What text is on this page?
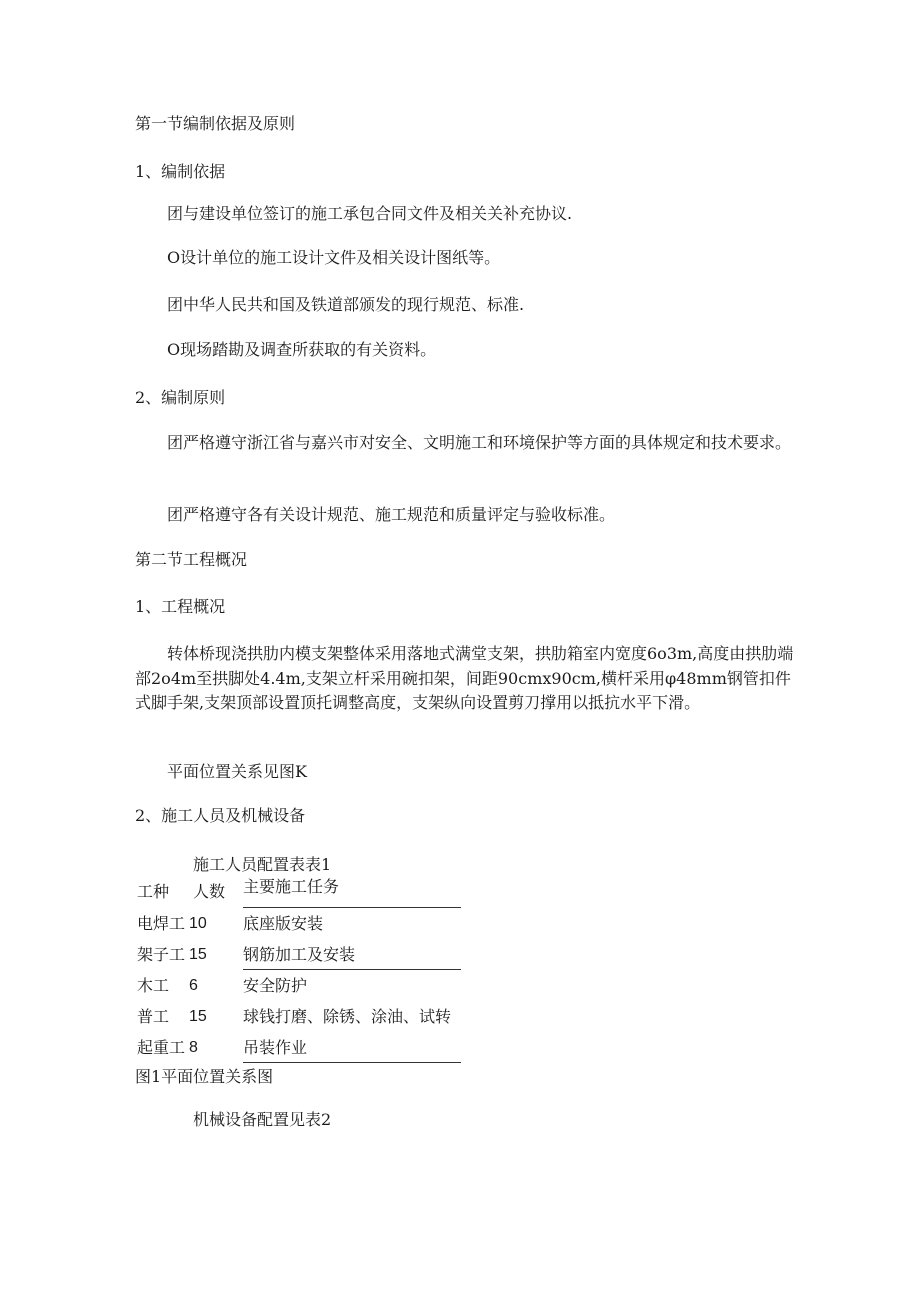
第一节编制依据及原则

1、编制依据

团与建设单位签订的施工承包合同文件及相关关补充协议.

O设计单位的施工设计文件及相关设计图纸等。

团中华人民共和国及铁道部颁发的现行规范、标准.

O现场踏勘及调查所获取的有关资料。

2、编制原则

团严格遵守浙江省与嘉兴市对安全、文明施工和环境保护等方面的具体规定和技术要求。

团严格遵守各有关设计规范、施工规范和质量评定与验收标准。

第二节工程概况

1、工程概况

转体桥现浇拱肋内模支架整体采用落地式满堂支架，拱肋箱室内宽度6o3m,高度由拱肋端部2o4m至拱脚处4.4m,支架立杆采用碗扣架，间距90cmx90cm,横杆采用φ48mm钢管扣件式脚手架,支架顶部设置顶托调整高度，支架纵向设置剪刀撑用以抵抗水平下滑。

平面位置关系见图K

2、施工人员及机械设备

施工人员配置表表1

工种 人数 主要施工任务

电焊工 10 底座版安装

架子工 15 钢筋加工及安装

木工 6	安全防护

普工 15 球钱打磨、除锈、涂油、试转

起重工 8	吊装作业

图1平面位置关系图

机械设备配置见表2
